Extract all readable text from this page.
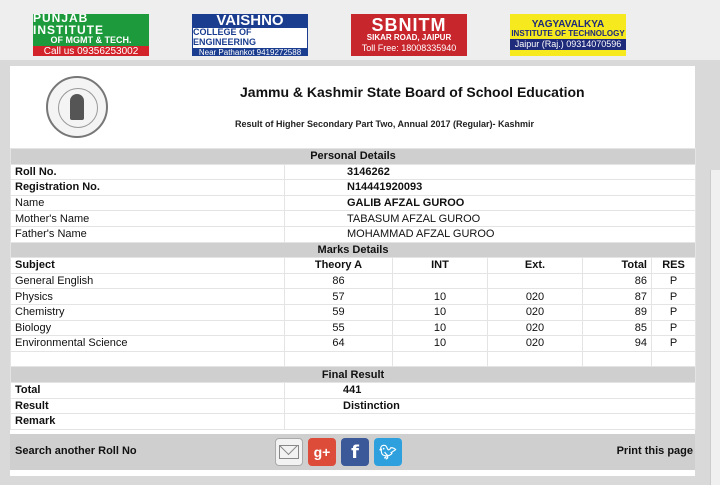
PUNJAB INSTITUTE
OF MGMT & TECH.
Call us 09356253002
VAISHNO
COLLEGE OF ENGINEERING
Near Pathankot 9419272588
SBNITM
SIKAR ROAD, JAIPUR
Toll Free: 18008335940
YAGYAVALKYA
INSTITUTE OF TECHNOLOGY
Jaipur (Raj.) 09314070596
Jammu & Kashmir State Board of School Education
Result of Higher Secondary Part Two, Annual 2017 (Regular)- Kashmir
Personal Details					
Roll No.	3146262				
Registration No.	N14441920093				
Name	GALIB AFZAL GUROO				
Mother's Name	TABASUM AFZAL GUROO				
Father's Name	MOHAMMAD AFZAL GUROO				
Marks Details					
Subject	Theory A	INT	Ext.	Total	RES
General English	86			86	P
Physics	57	10	020	87	P
Chemistry	59	10	020	89	P
Biology	55	10	020	85	P
Environmental Science	64	10	020	94	P

Final Result					
Total	441				
Result	Distinction				
Remark					
Search another Roll No	g+	f	🐦︎	Print this page
